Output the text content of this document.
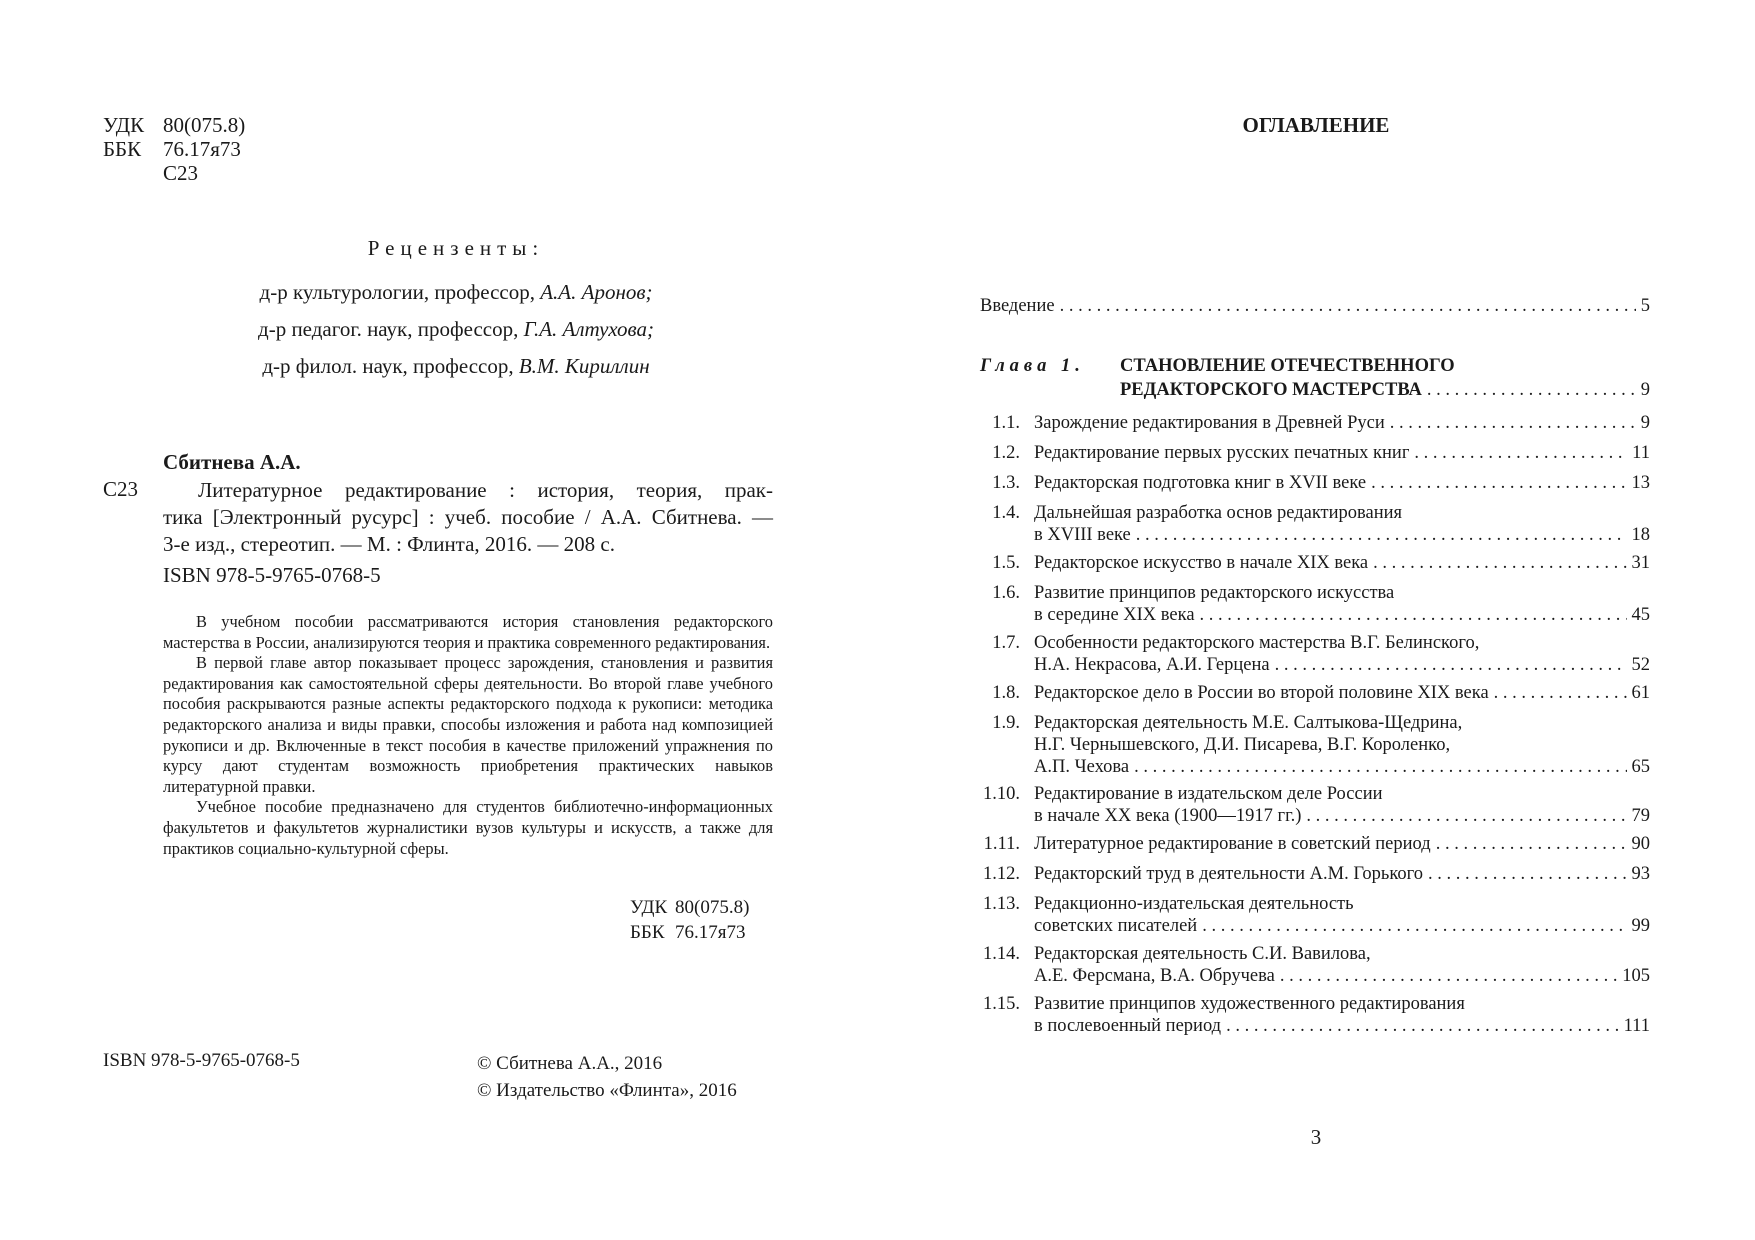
УДК 80(075.8)
ББК	76.17я73
С23
Рецензенты:
д-р культурологии, профессор, А.А. Аронов;
д-р педагог. наук, профессор, Г.А. Алтухова;
д-р филол. наук, профессор, В.М. Кириллин
Сбитнева А.А.
С23	Литературное редактирование : история, теория, прак-
тика [Электронный русурс] : учеб. пособие / А.А. Сбитнева. —
3-е изд., стереотип. — М. : Флинта, 2016. — 208 с.
ISBN 978-5-9765-0768-5

В учебном пособии рассматриваются история становления редакторского мастерства в России, анализируются теория и практика современного редактирования.

В первой главе автор показывает процесс зарождения, становления и развития редактирования как самостоятельной сферы деятельности. Во второй главе учебного пособия раскрываются разные аспекты редакторского подхода к рукописи: методика редакторского анализа и виды правки, способы изложения и работа над композицией рукописи и др. Включенные в текст пособия в качестве приложений упражнения по курсу дают студентам возможность приобретения практических навыков литературной правки.

Учебное пособие предназначено для студентов библиотечно-информационных факультетов и факультетов журналистики вузов культуры и искусств, а также для практиков социально-культурной сферы.

УДК 80(075.8)
ББК 76.17я73
ISBN 978-5-9765-0768-5	© Сбитнева А.А., 2016
© Издательство «Флинта», 2016
ОГЛАВЛЕНИЕ
Введение . . .	5
Глава 1. СТАНОВЛЕНИЕ ОТЕЧЕСТВЕННОГО
РЕДАКТОРСКОГО МАСТЕРСТВА . . .	9
1.1. Зарождение редактирования в Древней Руси . . .	9
1.2. Редактирование первых русских печатных книг . . .	11
1.3. Редакторская подготовка книг в XVII веке . . .	13
1.4. Дальнейшая разработка основ редактирования
в XVIII веке . . .	18
1.5. Редакторское искусство в начале XIX века . . .	31
1.6. Развитие принципов редакторского искусства
в середине XIX века . . .	45
1.7. Особенности редакторского мастерства В.Г. Белинского,
Н.А. Некрасова, А.И. Герцена . . .	52
1.8. Редакторское дело в России во второй половине XIX века . . .	61
1.9. Редакторская деятельность М.Е. Салтыкова-Щедрина,
Н.Г. Чернышевского, Д.И. Писарева, В.Г. Короленко,
А.П. Чехова . . .	65
1.10. Редактирование в издательском деле России
в начале XX века (1900—1917 гг.) . . .	79
1.11. Литературное редактирование в советский период . . .	90
1.12. Редакторский труд в деятельности А.М. Горького . . .	93
1.13. Редакционно-издательская деятельность
советских писателей . . .	99
1.14. Редакторская деятельность С.И. Вавилова,
А.Е. Ферсмана, В.А. Обручева . . .	105
1.15. Развитие принципов художественного редактирования
в послевоенный период . . .	111
3
